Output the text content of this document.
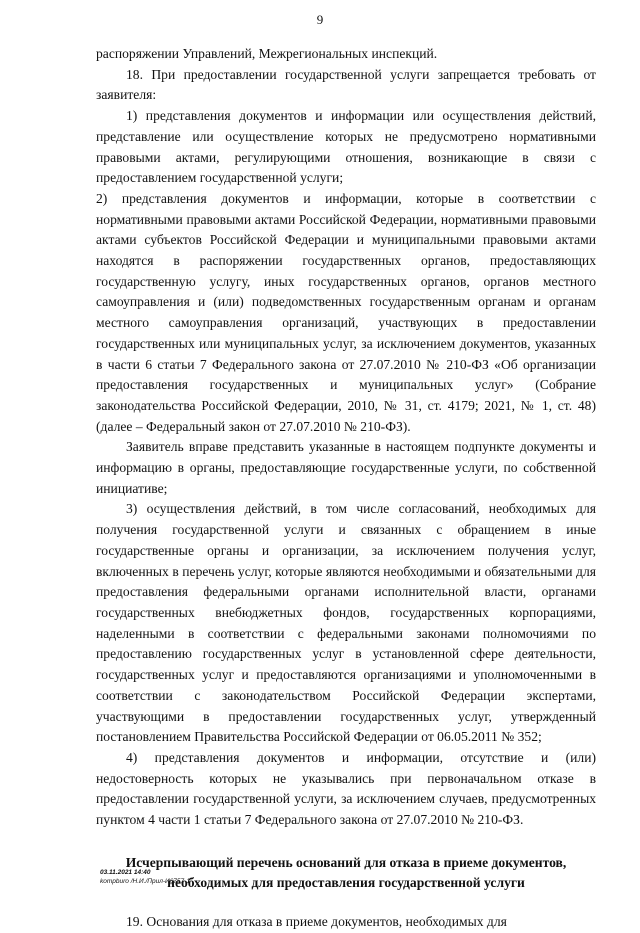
9

распоряжении Управлений, Межрегиональных инспекций.

18. При предоставлении государственной услуги запрещается требовать от заявителя:

1) представления документов и информации или осуществления действий, представление или осуществление которых не предусмотрено нормативными правовыми актами, регулирующими отношения, возникающие в связи с предоставлением государственной услуги;

2) представления документов и информации, которые в соответствии с нормативными правовыми актами Российской Федерации, нормативными правовыми актами субъектов Российской Федерации и муниципальными правовыми актами находятся в распоряжении государственных органов, предоставляющих государственную услугу, иных государственных органов, органов местного самоуправления и (или) подведомственных государственным органам и органам местного самоуправления организаций, участвующих в предоставлении государственных или муниципальных услуг, за исключением документов, указанных в части 6 статьи 7 Федерального закона от 27.07.2010 № 210-ФЗ «Об организации предоставления государственных и муниципальных услуг» (Собрание законодательства Российской Федерации, 2010, № 31, ст. 4179; 2021, № 1, ст. 48) (далее – Федеральный закон от 27.07.2010 № 210-ФЗ).

Заявитель вправе представить указанные в настоящем подпункте документы и информацию в органы, предоставляющие государственные услуги, по собственной инициативе;

3) осуществления действий, в том числе согласований, необходимых для получения государственной услуги и связанных с обращением в иные государственные органы и организации, за исключением получения услуг, включенных в перечень услуг, которые являются необходимыми и обязательными для предоставления федеральными органами исполнительной власти, органами государственных внебюджетных фондов, государственных корпорациями, наделенными в соответствии с федеральными законами полномочиями по предоставлению государственных услуг в установленной сфере деятельности, государственных услуг и предоставляются организациями и уполномоченными в соответствии с законодательством Российской Федерации экспертами, участвующими в предоставлении государственных услуг, утвержденный постановлением Правительства Российской Федерации от 06.05.2011 № 352;

4) представления документов и информации, отсутствие и (или) недостоверность которых не указывались при первоначальном отказе в предоставлении государственной услуги, за исключением случаев, предусмотренных пунктом 4 части 1 статьи 7 Федерального закона от 27.07.2010 № 210-ФЗ.

Исчерпывающий перечень оснований для отказа в приеме документов, необходимых для предоставления государственной услуги

19. Основания для отказа в приеме документов, необходимых для

03.11.2021 14:40
kompburo /Н.И./Прил-И6757-1
